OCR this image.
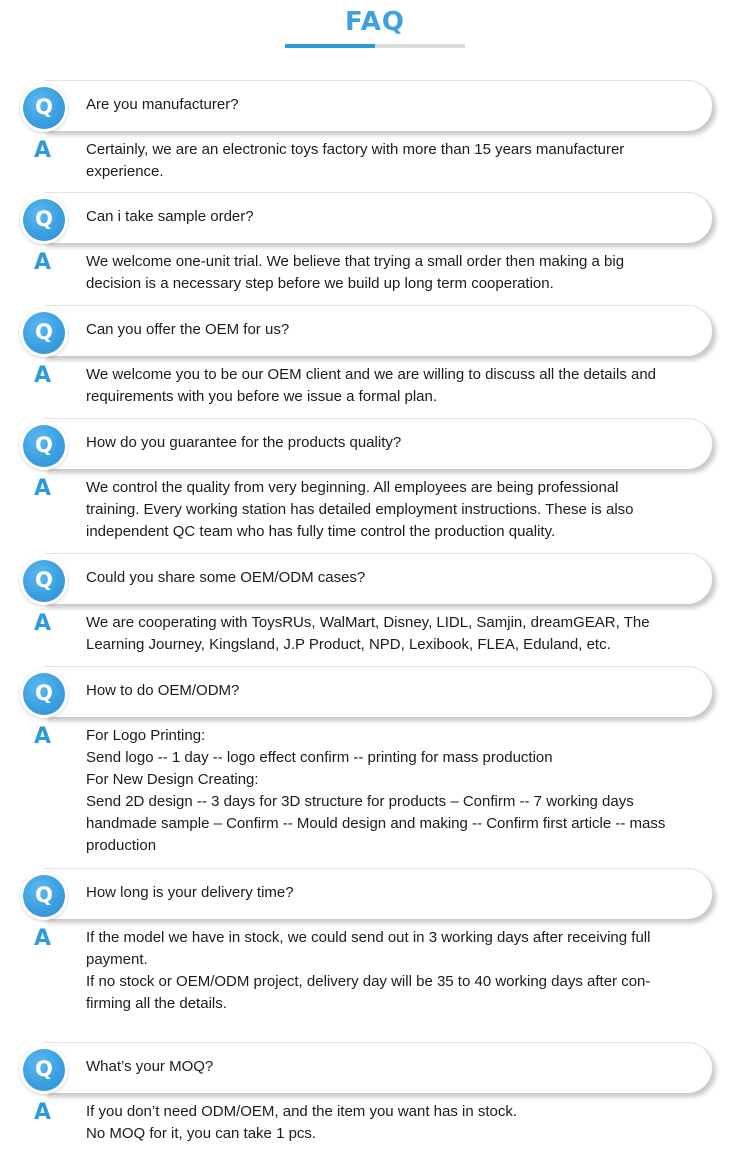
FAQ
Q	Are you manufacturer?
A Certainly, we are an electronic toys factory with more than 15 years manufacturer
experience.
Q	Can i take sample order?
A We welcome one-unit trial. We believe that trying a small order then making a big
decision is a necessary step before we build up long term cooperation.
Q	Can you offer the OEM for us?
A We welcome you to be our OEM client and we are willing to discuss all the details and
requirements with you before we issue a formal plan.
Q	How do you guarantee for the products quality?
A We control the quality from very beginning. All employees are being professional
training. Every working station has detailed employment instructions. These is also
independent QC team who has fully time control the production quality.
Q	Could you share some OEM/ODM cases?
A We are cooperating with ToysRUs, WalMart, Disney, LIDL, Samjin, dreamGEAR, The
Learning Journey, Kingsland, J.P Product, NPD, Lexibook, FLEA, Eduland, etc.
Q	How to do OEM/ODM?
A For Logo Printing:
Send logo -- 1 day -- logo effect confirm -- printing for mass production
For New Design Creating:
Send 2D design -- 3 days for 3D structure for products – Confirm -- 7 working days
handmade sample – Confirm -- Mould design and making -- Confirm first article -- mass
production
Q	How long is your delivery time?
A If the model we have in stock, we could send out in 3 working days after receiving full
payment.
If no stock or OEM/ODM project, delivery day will be 35 to 40 working days after con-
firming all the details.
Q	What’s your MOQ?
A If you don’t need ODM/OEM, and the item you want has in stock.
No MOQ for it, you can take 1 pcs.
